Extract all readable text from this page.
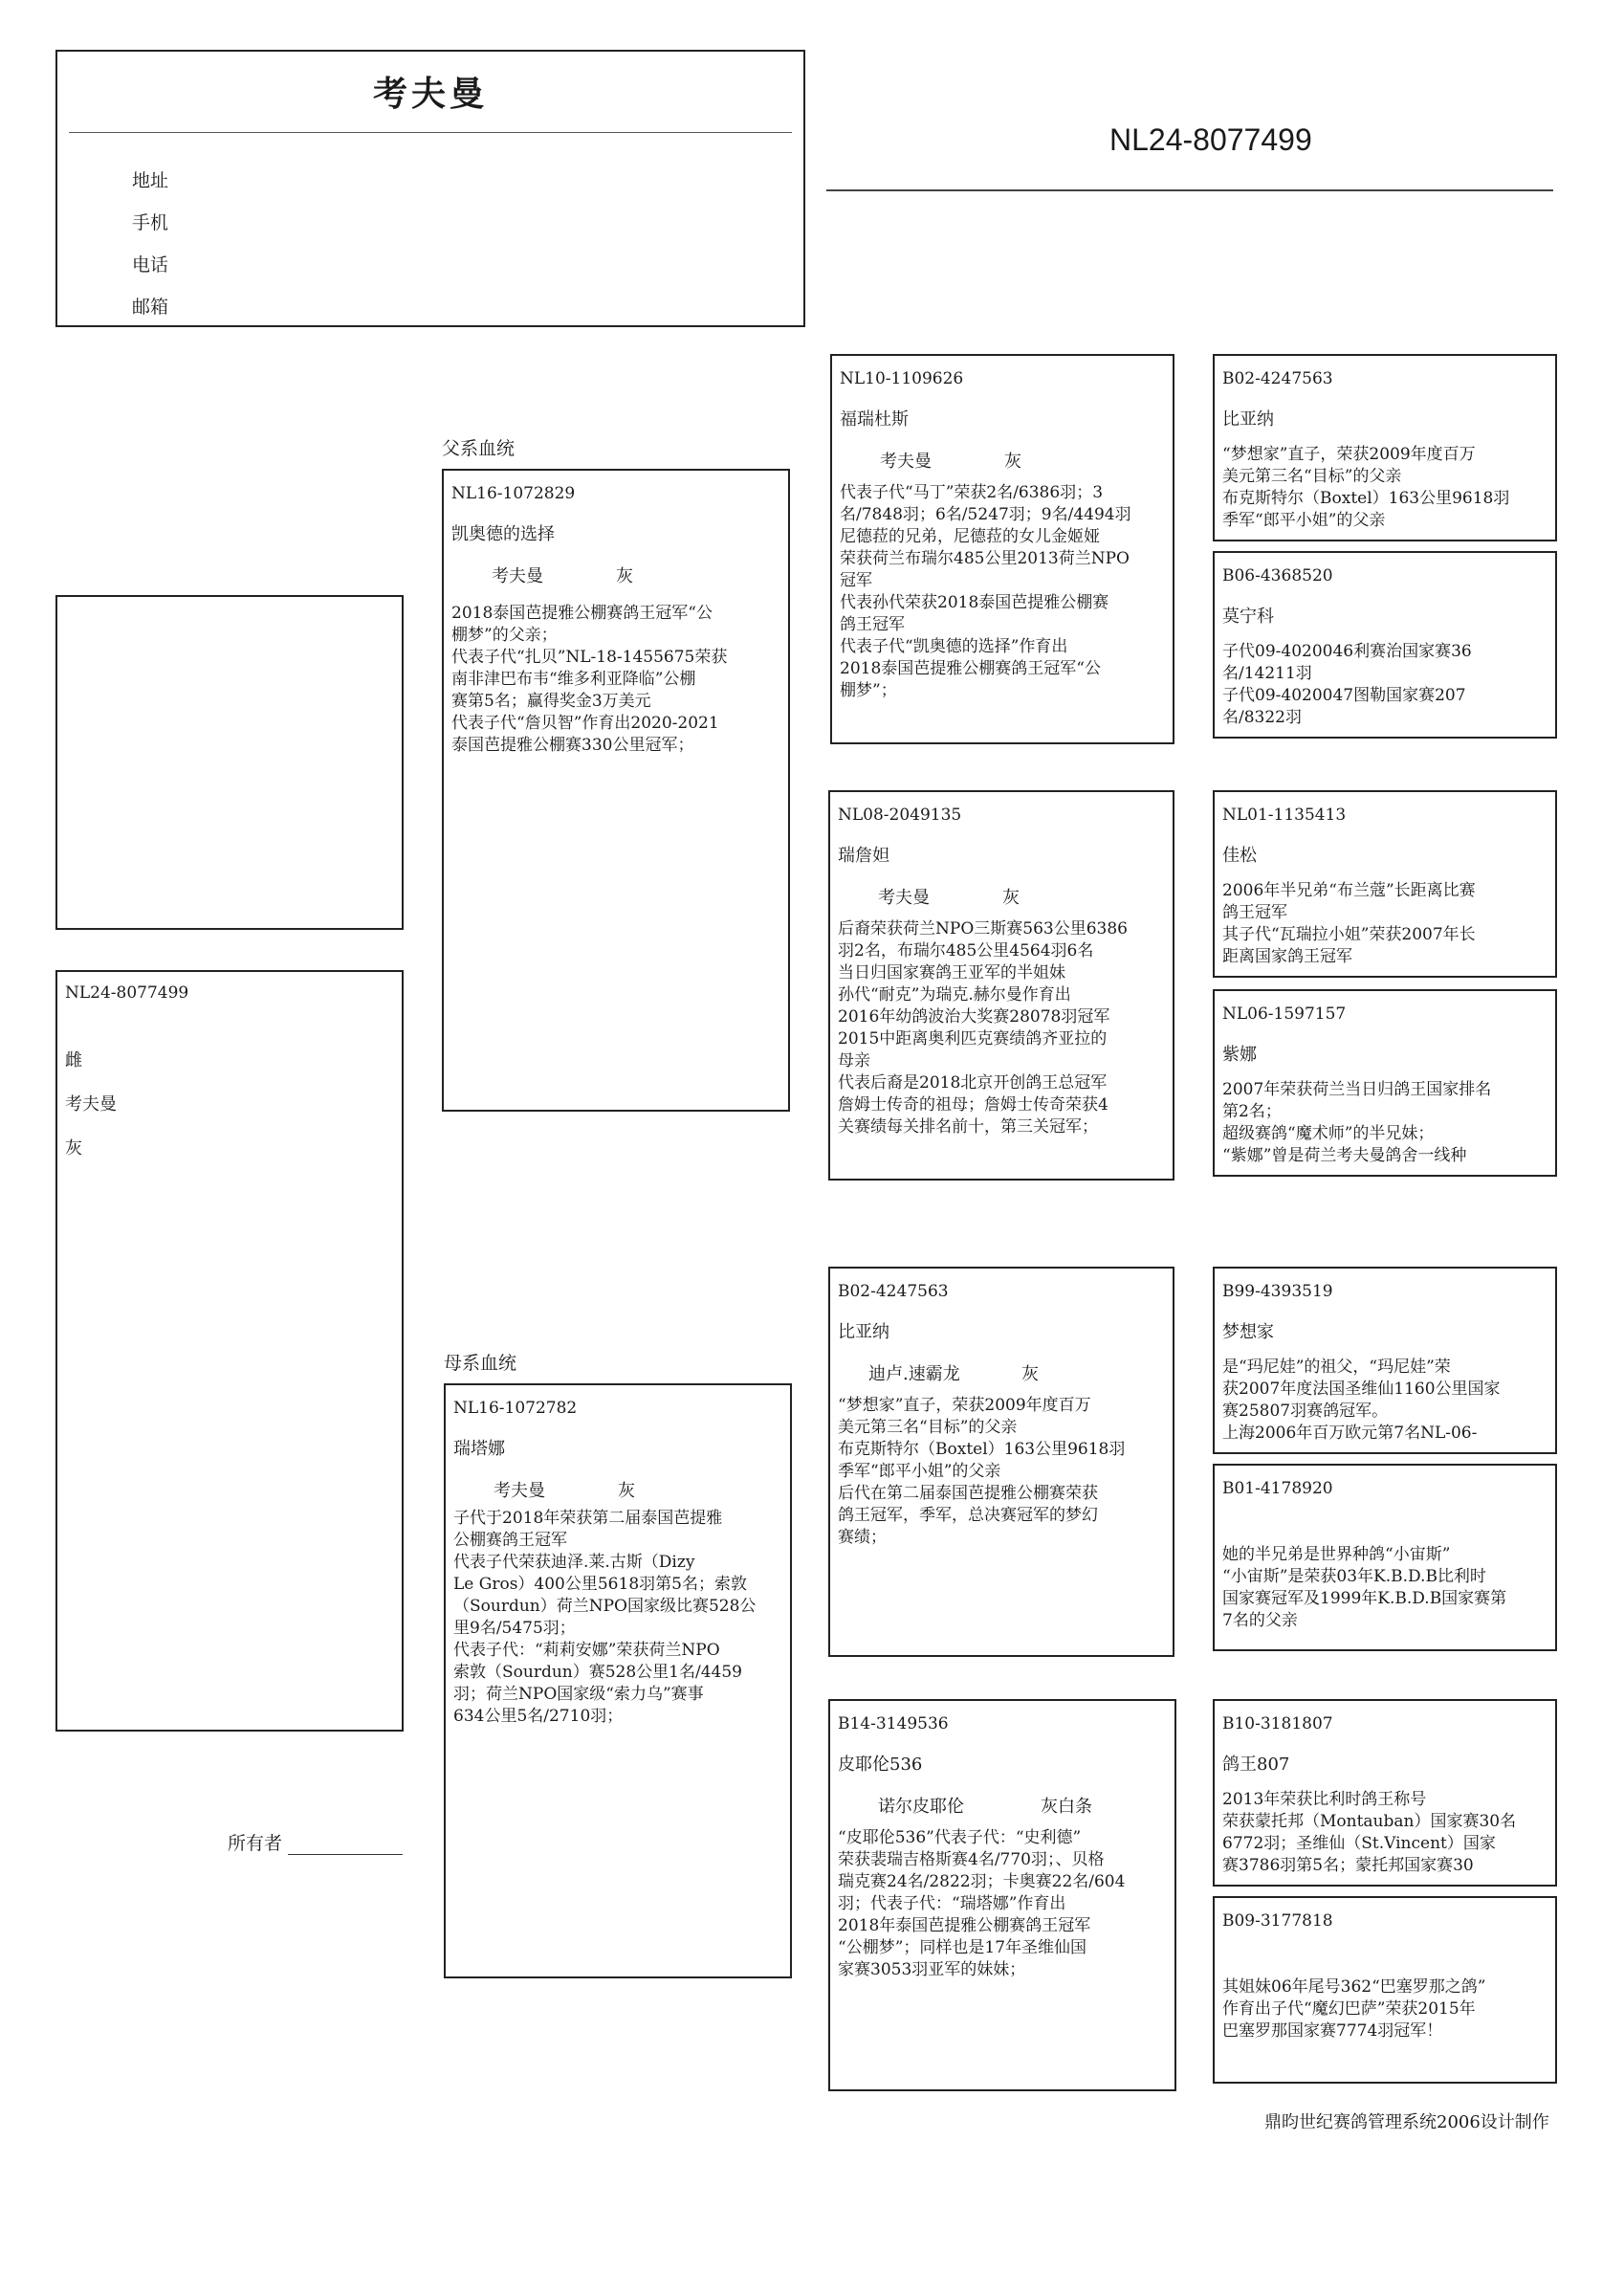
考夫曼
地址
手机
电话
邮箱
NL24-8077499
NL24-8077499
雌
考夫曼
灰
所有者
父系血统
母系血统
NL16-1072829
凯奥德的选择
考夫曼	灰
2018泰国芭提雅公棚赛鸽王冠军“公
棚梦”的父亲；
代表子代“扎贝”NL-18-1455675荣获
南非津巴布韦“维多利亚降临”公棚
赛第5名；赢得奖金3万美元
代表子代“詹贝智”作育出2020-2021
泰国芭提雅公棚赛330公里冠军；
NL16-1072782
瑞塔娜
考夫曼	灰
子代于2018年荣获第二届泰国芭提雅
公棚赛鸽王冠军
代表子代荣获迪泽.莱.古斯（Dizy
Le Gros）400公里5618羽第5名；索敦
（Sourdun）荷兰NPO国家级比赛528公
里9名/5475羽；
代表子代：“莉莉安娜”荣获荷兰NPO
索敦（Sourdun）赛528公里1名/4459
羽；荷兰NPO国家级“索力乌”赛事
634公里5名/2710羽；
NL10-1109626
福瑞杜斯
考夫曼	灰
代表子代“马丁”荣获2名/6386羽；3
名/7848羽；6名/5247羽；9名/4494羽
尼德菈的兄弟，尼德菈的女儿金姬娅
荣获荷兰布瑞尔485公里2013荷兰NPO
冠军
代表孙代荣获2018泰国芭提雅公棚赛
鸽王冠军
代表子代“凯奥德的选择”作育出
2018泰国芭提雅公棚赛鸽王冠军“公
棚梦”；
NL08-2049135
瑞詹妲
考夫曼	灰
后裔荣获荷兰NPO三斯赛563公里6386
羽2名，布瑞尔485公里4564羽6名
当日归国家赛鸽王亚军的半姐妹
孙代“耐克”为瑞克.赫尔曼作育出
2016年幼鸽波治大奖赛28078羽冠军
2015中距离奥利匹克赛绩鸽齐亚拉的
母亲
代表后裔是2018北京开创鸽王总冠军
詹姆士传奇的祖母；詹姆士传奇荣获4
关赛绩每关排名前十，第三关冠军；
B02-4247563
比亚纳
迪卢.速霸龙	灰
“梦想家”直子，荣获2009年度百万
美元第三名“目标”的父亲
布克斯特尔（Boxtel）163公里9618羽
季军“郎平小姐”的父亲
后代在第二届泰国芭提雅公棚赛荣获
鸽王冠军，季军，总决赛冠军的梦幻
赛绩；
B14-3149536
皮耶伦536
诺尔皮耶伦	灰白条
“皮耶伦536”代表子代：“史利德”
荣获裴瑞吉格斯赛4名/770羽；、贝格
瑞克赛24名/2822羽；卡奥赛22名/604
羽；代表子代：“瑞塔娜”作育出
2018年泰国芭提雅公棚赛鸽王冠军
“公棚梦”；同样也是17年圣维仙国
家赛3053羽亚军的妹妹；
B02-4247563
比亚纳
“梦想家”直子，荣获2009年度百万
美元第三名“目标”的父亲
布克斯特尔（Boxtel）163公里9618羽
季军“郎平小姐”的父亲
B06-4368520
莫宁科
子代09-4020046利赛治国家赛36
名/14211羽
子代09-4020047图勒国家赛207
名/8322羽
NL01-1135413
佳松
2006年半兄弟“布兰蔻”长距离比赛
鸽王冠军
其子代“瓦瑞拉小姐”荣获2007年长
距离国家鸽王冠军
NL06-1597157
紫娜
2007年荣获荷兰当日归鸽王国家排名
第2名；
超级赛鸽“魔术师”的半兄妹；
“紫娜”曾是荷兰考夫曼鸽舍一线种
B99-4393519
梦想家
是“玛尼娃”的祖父，“玛尼娃”荣
获2007年度法国圣维仙1160公里国家
赛25807羽赛鸽冠军。
上海2006年百万欧元第7名NL-06-
B01-4178920
她的半兄弟是世界种鸽“小宙斯”
“小宙斯”是荣获03年K.B.D.B比利时
国家赛冠军及1999年K.B.D.B国家赛第
7名的父亲
B10-3181807
鸽王807
2013年荣获比利时鸽王称号
荣获蒙托邦（Montauban）国家赛30名
6772羽；圣维仙（St.Vincent）国家
赛3786羽第5名；蒙托邦国家赛30
B09-3177818
其姐妹06年尾号362“巴塞罗那之鸽”
作育出子代“魔幻巴萨”荣获2015年
巴塞罗那国家赛7774羽冠军！
鼎昀世纪赛鸽管理系统2006设计制作
